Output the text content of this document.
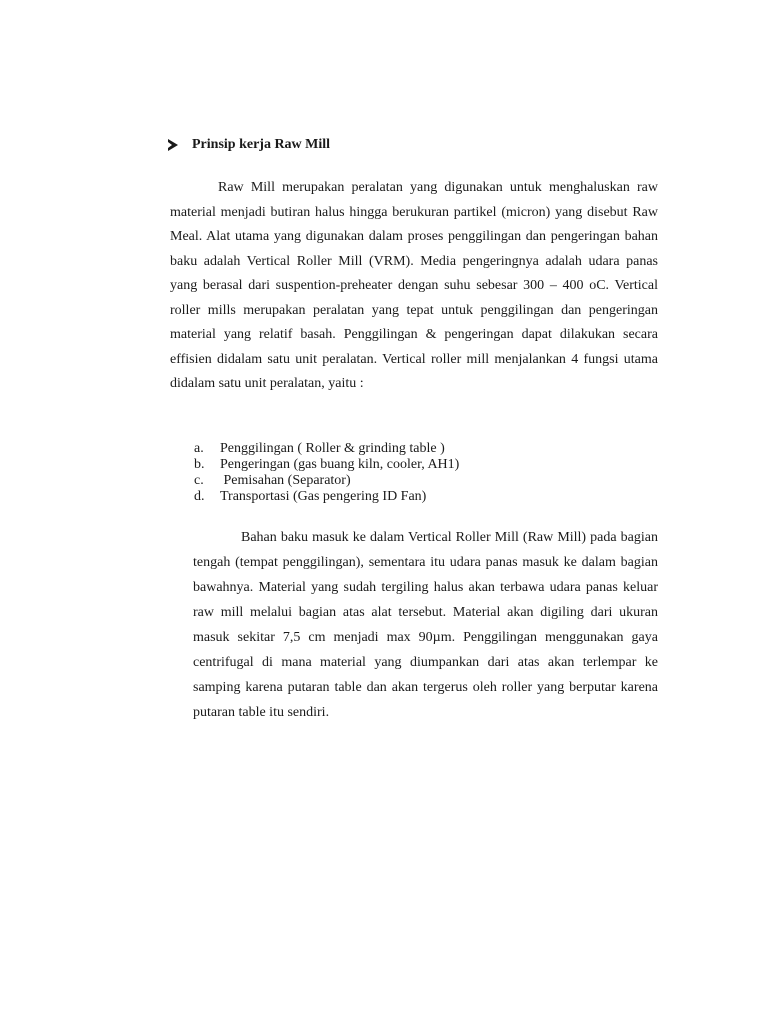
Prinsip kerja Raw Mill

Raw Mill merupakan peralatan yang digunakan untuk menghaluskan raw material menjadi butiran halus hingga berukuran partikel (micron) yang disebut Raw Meal. Alat utama yang digunakan dalam proses penggilingan dan pengeringan bahan baku adalah Vertical Roller Mill (VRM). Media pengeringnya adalah udara panas yang berasal dari suspention-preheater dengan suhu sebesar 300 – 400 oC. Vertical roller mills merupakan peralatan yang tepat untuk penggilingan dan pengeringan material yang relatif basah. Penggilingan & pengeringan dapat dilakukan secara effisien didalam satu unit peralatan. Vertical roller mill menjalankan 4 fungsi utama didalam satu unit peralatan, yaitu :

a.	Penggilingan ( Roller & grinding table )
b.	Pengeringan (gas buang kiln, cooler, AH1)
c.	Pemisahan (Separator)
d.	Transportasi (Gas pengering ID Fan)

Bahan baku masuk ke dalam Vertical Roller Mill (Raw Mill) pada bagian tengah (tempat penggilingan), sementara itu udara panas masuk ke dalam bagian bawahnya. Material yang sudah tergiling halus akan terbawa udara panas keluar raw mill melalui bagian atas alat tersebut. Material akan digiling dari ukuran masuk sekitar 7,5 cm menjadi max 90µm. Penggilingan menggunakan gaya centrifugal di mana material yang diumpankan dari atas akan terlempar ke samping karena putaran table dan akan tergerus oleh roller yang berputar karena putaran table itu sendiri.
